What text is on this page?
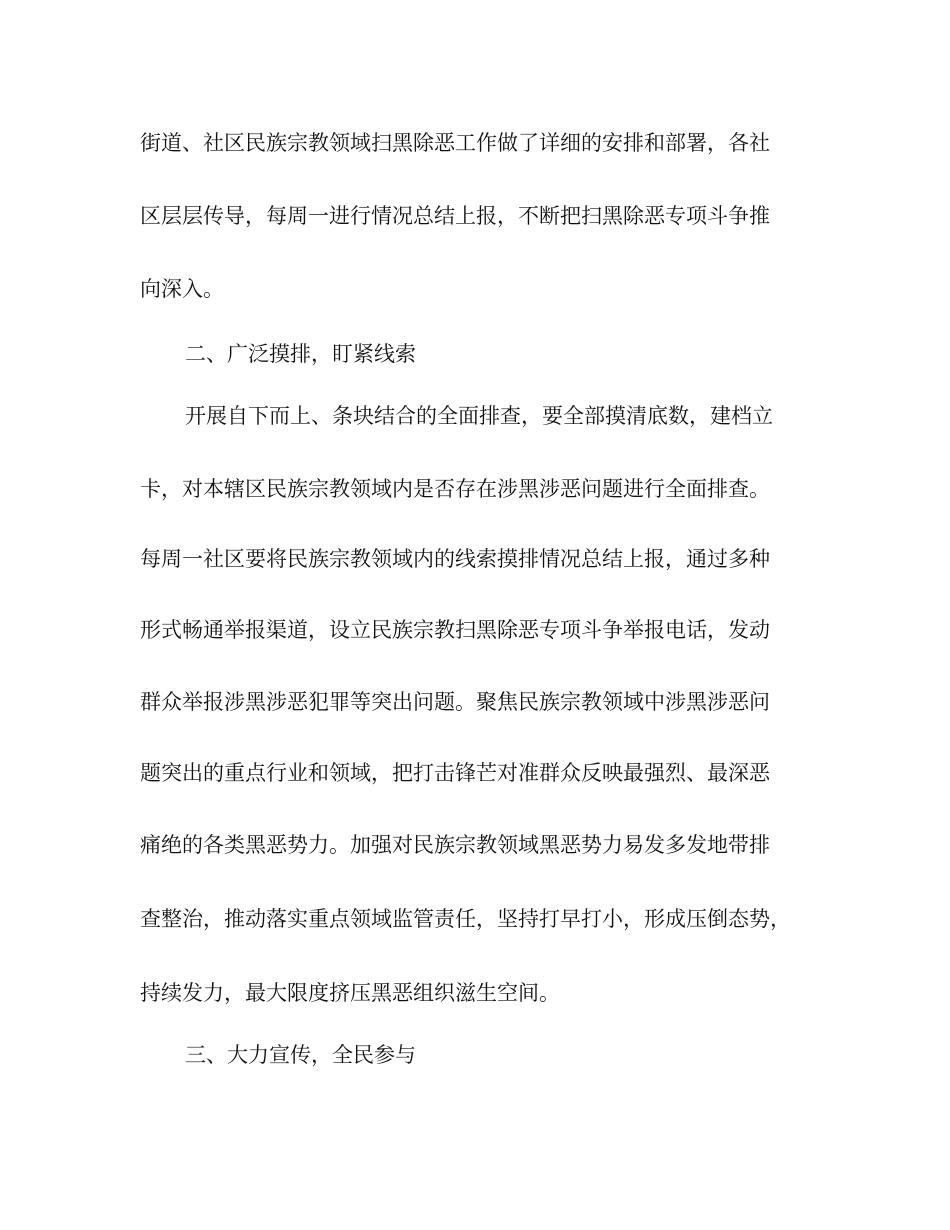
街道、社区民族宗教领域扫黑除恶工作做了详细的安排和部署，各社
区层层传导，每周一进行情况总结上报，不断把扫黑除恶专项斗争推
向深入。
二、广泛摸排，盯紧线索
开展自下而上、条块结合的全面排查，要全部摸清底数，建档立
卡，对本辖区民族宗教领域内是否存在涉黑涉恶问题进行全面排查。
每周一社区要将民族宗教领域内的线索摸排情况总结上报，通过多种
形式畅通举报渠道，设立民族宗教扫黑除恶专项斗争举报电话，发动
群众举报涉黑涉恶犯罪等突出问题。聚焦民族宗教领域中涉黑涉恶问
题突出的重点行业和领域，把打击锋芒对准群众反映最强烈、最深恶
痛绝的各类黑恶势力。加强对民族宗教领域黑恶势力易发多发地带排
查整治，推动落实重点领域监管责任，坚持打早打小，形成压倒态势，
持续发力，最大限度挤压黑恶组织滋生空间。
三、大力宣传，全民参与
